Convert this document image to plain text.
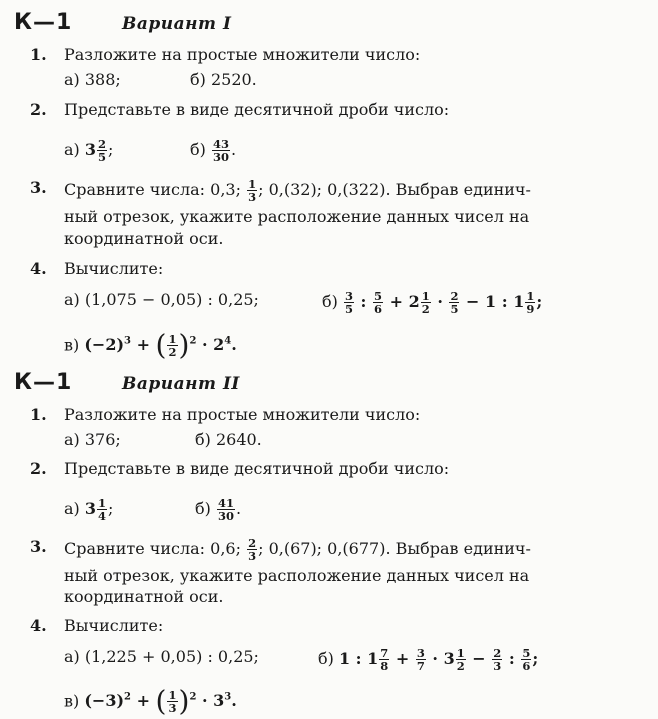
К—1	Вариант I
1. Разложите на простые множители число:
а) 388;	б) 2520.
2. Представьте в виде десятичной дроби число:
а) $3 \frac{2}{5}$ ;	$б) \frac{43}{30}$ .
3. Сравните числа: 0,3; $\frac{1}{3}$ ; 0,(32); 0,(322). Выбрав единич-
ный отрезок, укажите расположение данных чисел на
координатной оси.
4. Вычислите:
а) (1,075 − 0,05) : 0,25;	$б) \frac{3}{5}$ : $\frac{5}{6} + 2 \frac{1}{2} \cdot \frac{2}{5} - 1$ : $1 \frac{1}{9}$ ;
в) $(-2)^3$ + ( $\frac{1}{2} )^2 \cdot 2^4$.
К—1	Вариант II
1. Разложите на простые множители число:
а) 376;	б) 2640.
2. Представьте в виде десятичной дроби число:
а) $3 \frac{1}{4}$ ;	$б) \frac{41}{30}$ .
3. Сравните числа: 0,6; $\frac{2}{3}$ ; 0,(67); 0,(677). Выбрав единич-
ный отрезок, укажите расположение данных чисел на
координатной оси.
4. Вычислите:
а) (1,225 + 0,05) : 0,25;	б) 1 : $1 \frac{7}{8} + \frac{3}{7} \cdot 3 \frac{1}{2} - \frac{2}{3}$ : $\frac{5}{6}$ ;
в) $(-3)^2$ + ( $\frac{1}{3} )^2 \cdot 3^3$.
